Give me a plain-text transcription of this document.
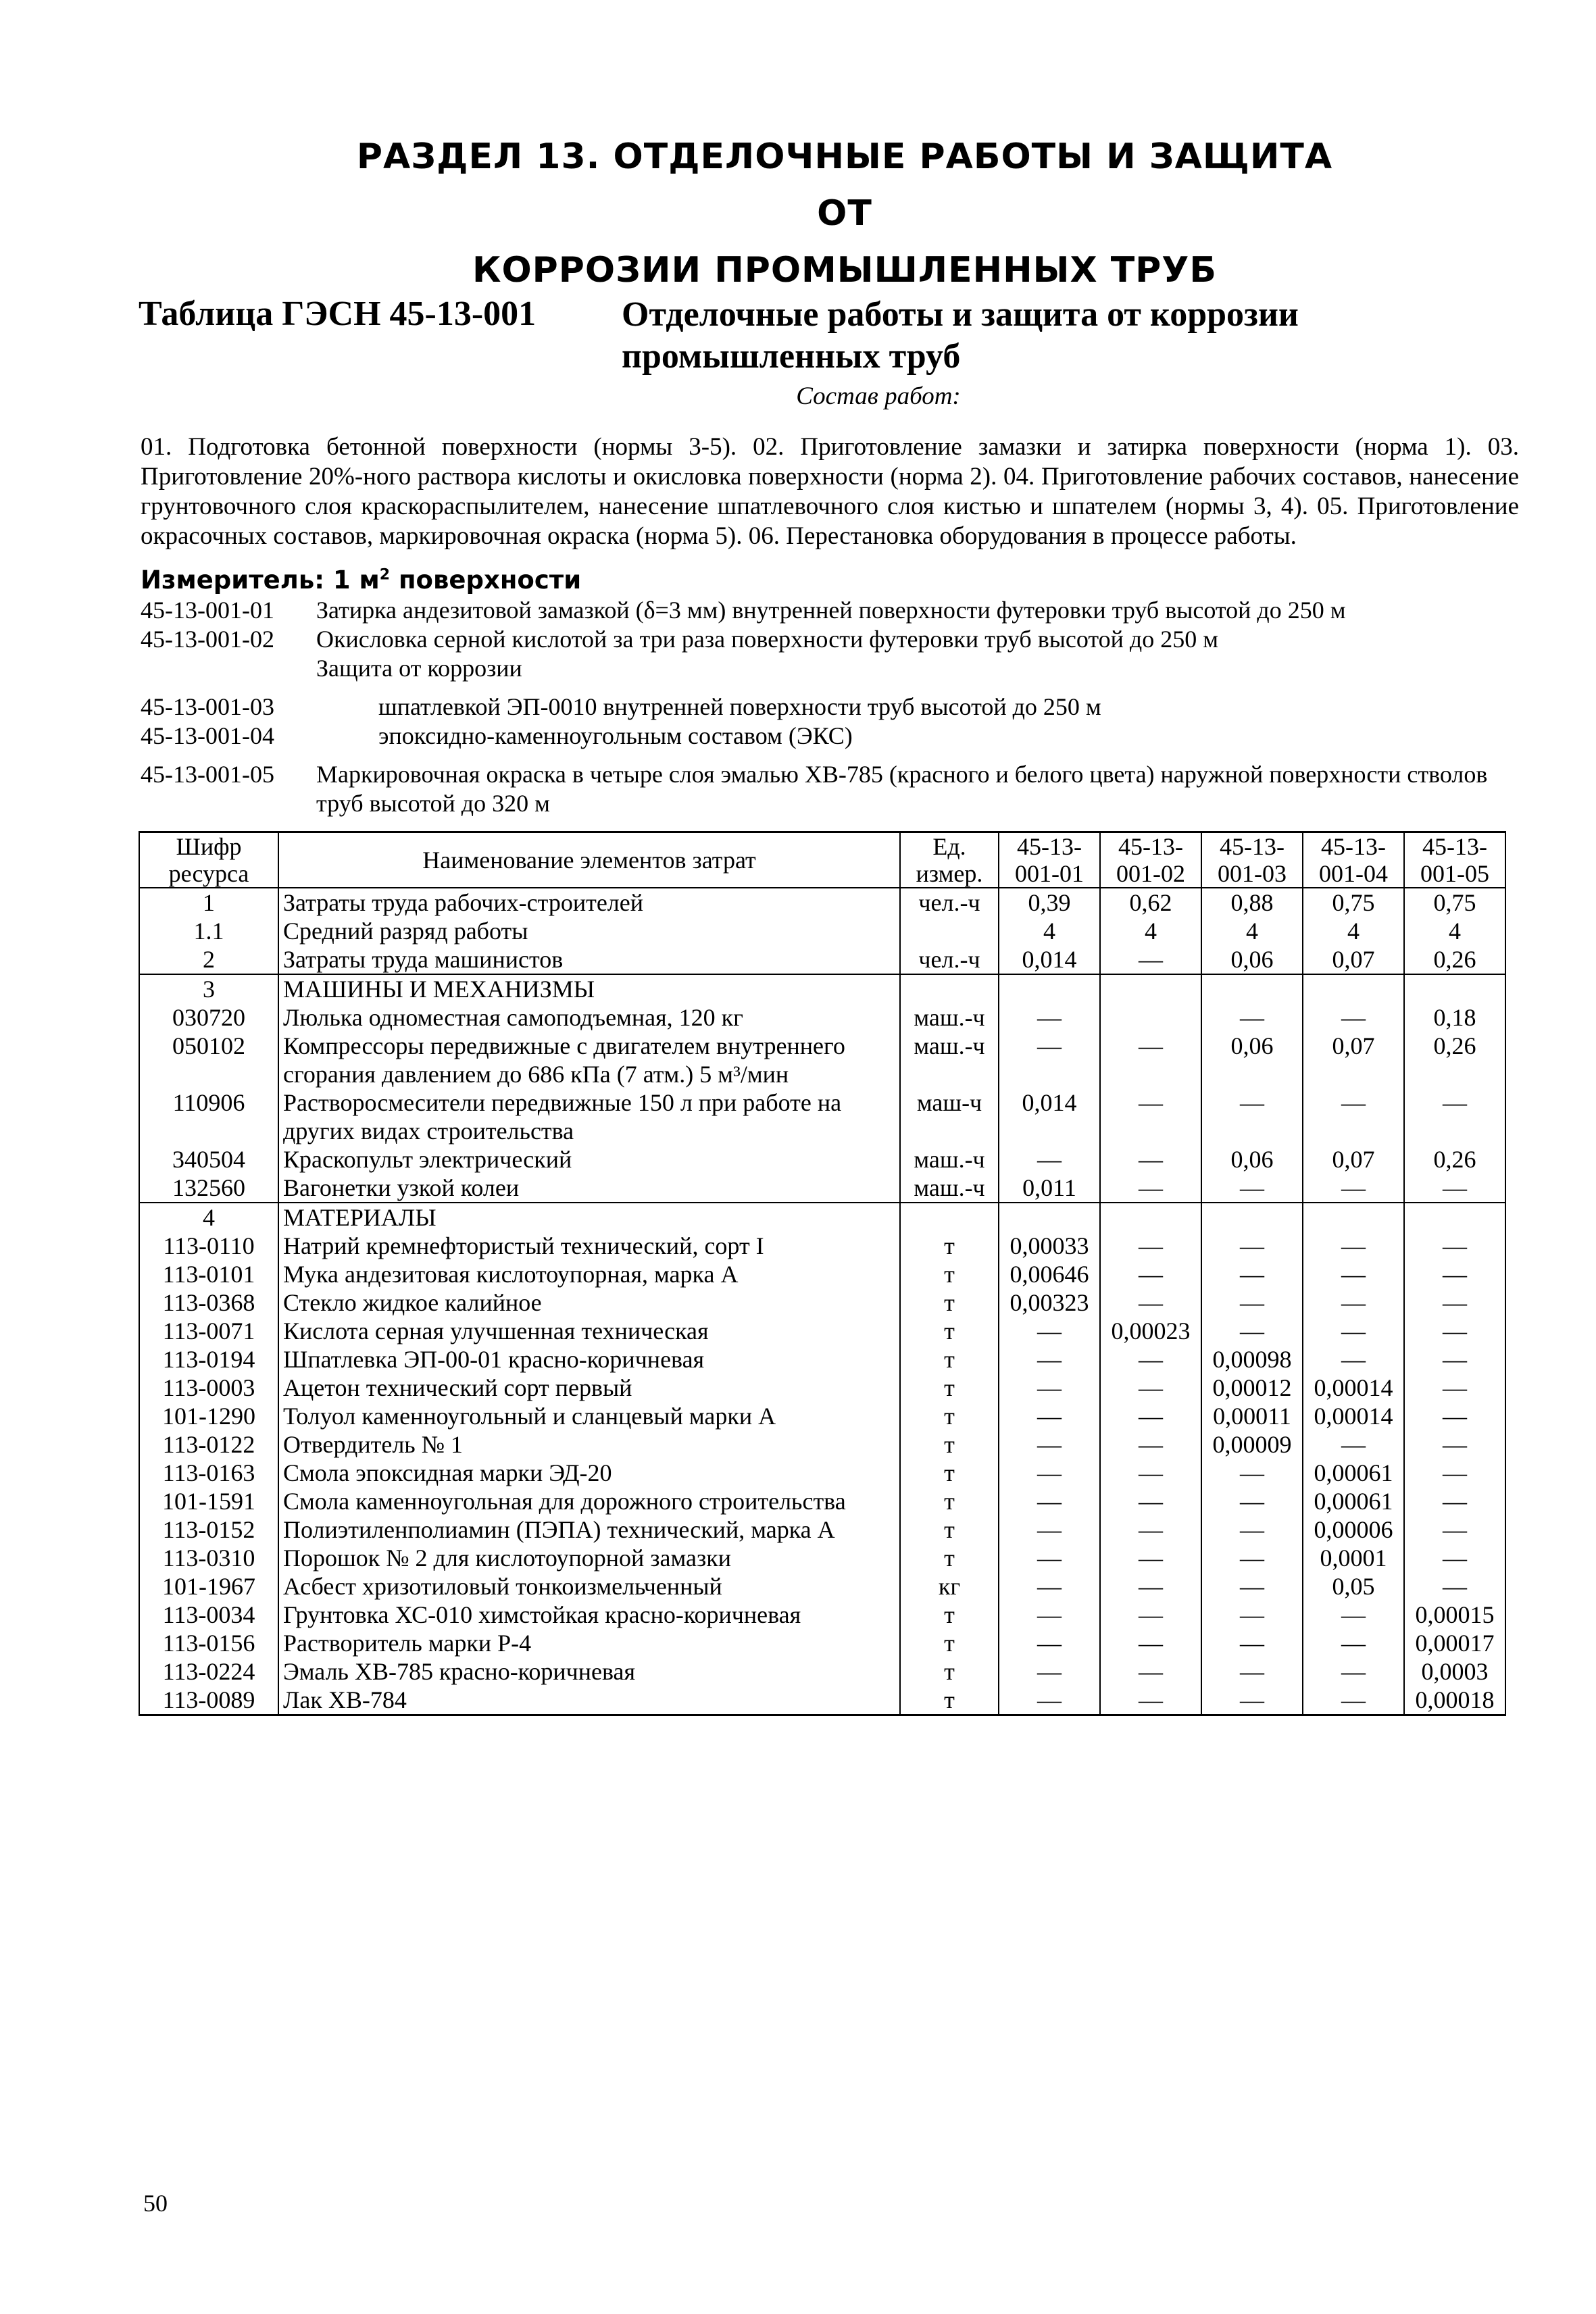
РАЗДЕЛ 13. ОТДЕЛОЧНЫЕ РАБОТЫ И ЗАЩИТА ОТ
КОРРОЗИИ ПРОМЫШЛЕННЫХ ТРУБ
Таблица ГЭСН 45-13-001 Отделочные работы и защита от коррозии промышленных труб
Состав работ:
01. Подготовка бетонной поверхности (нормы 3-5). 02. Приготовление замазки и затирка поверхности (норма 1). 03. Приготовление 20%-ного раствора кислоты и окисловка поверхности (норма 2). 04. Приготовление рабочих составов, нанесение грунтовочного слоя краскораспылителем, нанесение шпатлевочного слоя кистью и шпателем (нормы 3, 4). 05. Приготовление окрасочных составов, маркировочная окраска (норма 5). 06. Перестановка оборудования в процессе работы.
Измеритель: 1 $м^2$ поверхности
45-13-001-01	Затирка андезитовой замазкой (δ=3 мм) внутренней поверхности футеровки труб высотой до 250 м
45-13-001-02	Окисловка серной кислотой за три раза поверхности футеровки труб высотой до 250 м
Защита от коррозии
45-13-001-03	шпатлевкой ЭП-0010 внутренней поверхности труб высотой до 250 м
45-13-001-04	эпоксидно-каменноугольным составом (ЭКС)
45-13-001-05	Маркировочная окраска в четыре слоя эмалью ХВ-785 (красного и белого цвета) наружной поверхности стволов труб высотой до 320 м
Шифр ресурса	Наименование элементов затрат	Ед. измер.	45-13-001-01	45-13-001-02	45-13-001-03	45-13-001-04	45-13-001-05
1	Затраты труда рабочих-строителей	чел.-ч	0,39	0,62	0,88	0,75	0,75
1.1	Средний разряд работы		4	4	4	4	4
2	Затраты труда машинистов	чел.-ч	0,014	—	0,06	0,07	0,26
3	МАШИНЫ И МЕХАНИЗМЫ						
030720	Люлька одноместная самоподъемная, 120 кг	маш.-ч	—		—	—	0,18
050102	Компрессоры передвижные с двигателем внутреннего сгорания давлением до 686 кПа (7 атм.) 5 м³/мин	маш.-ч	—	—	0,06	0,07	0,26
110906	Растворосмесители передвижные 150 л при работе на других видах строительства	маш-ч	0,014	—	—	—	—
340504	Краскопульт электрический	маш.-ч	—	—	0,06	0,07	0,26
132560	Вагонетки узкой колеи	маш.-ч	0,011	—	—	—	—
4	МАТЕРИАЛЫ						
113-0110	Натрий кремнефтористый технический, сорт I	т	0,00033	—	—	—	—
113-0101	Мука андезитовая кислотоупорная, марка А	т	0,00646	—	—	—	—
113-0368	Стекло жидкое калийное	т	0,00323	—	—	—	—
113-0071	Кислота серная улучшенная техническая	т	—	0,00023	—	—	—
113-0194	Шпатлевка ЭП-00-01 красно-коричневая	т	—	—	0,00098	—	—
113-0003	Ацетон технический сорт первый	т	—	—	0,00012	0,00014	—
101-1290	Толуол каменноугольный и сланцевый марки А	т	—	—	0,00011	0,00014	—
113-0122	Отвердитель № 1	т	—	—	0,00009	—	—
113-0163	Смола эпоксидная марки ЭД-20	т	—	—	—	0,00061	—
101-1591	Смола каменноугольная для дорожного строительства	т	—	—	—	0,00061	—
113-0152	Полиэтиленполиамин (ПЭПА) технический, марка А	т	—	—	—	0,00006	—
113-0310	Порошок № 2 для кислотоупорной замазки	т	—	—	—	0,0001	—
101-1967	Асбест хризотиловый тонкоизмельченный	кг	—	—	—	0,05	—
113-0034	Грунтовка ХС-010 химстойкая красно-коричневая	т	—	—	—	—	0,00015
113-0156	Растворитель марки Р-4	т	—	—	—	—	0,00017
113-0224	Эмаль ХВ-785 красно-коричневая	т	—	—	—	—	0,0003
113-0089	Лак ХВ-784	т	—	—	—	—	0,00018
50
